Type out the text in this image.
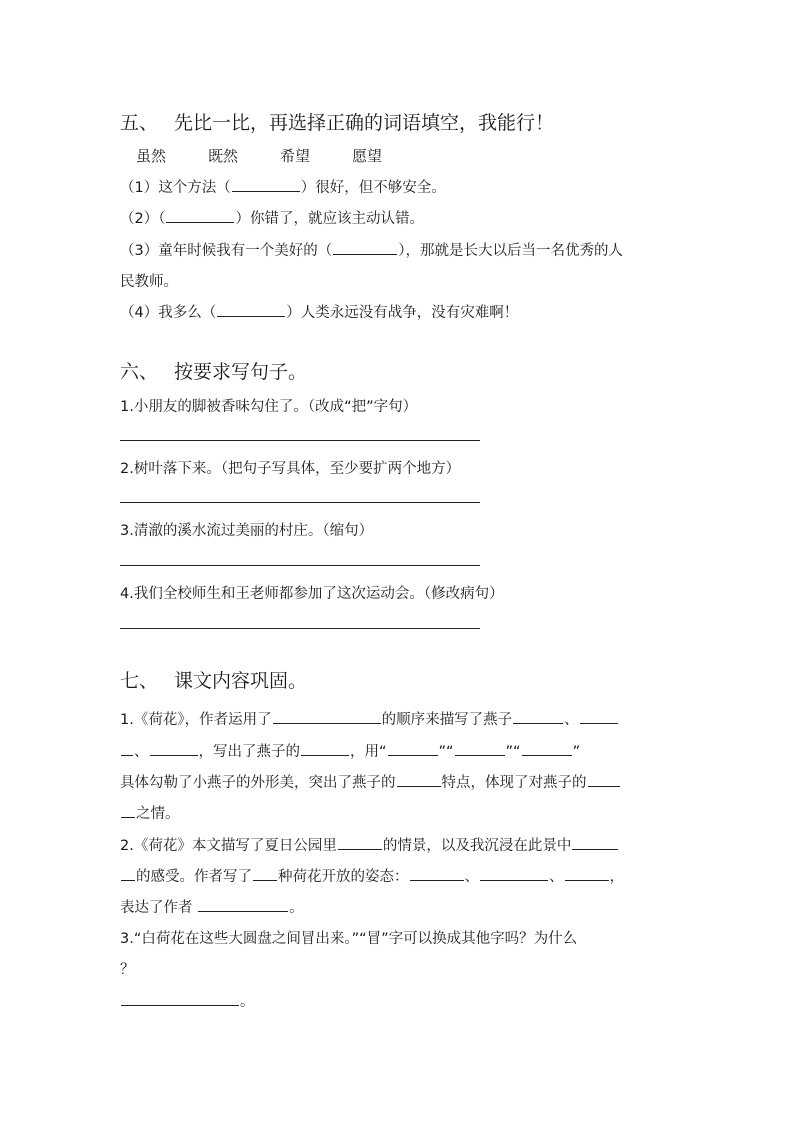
五、 先比一比，再选择正确的词语填空，我能行！
虽然	既然	希望	愿望
（1）这个方法（	）很好，但不够安全。
（2）（	）你错了，就应该主动认错。
（3）童年时候我有一个美好的（	），那就是长大以后当一名优秀的人
民教师。
（4）我多么（	）人类永远没有战争，没有灾难啊！
六、 按要求写句子。
1.小朋友的脚被香味勾住了。（改成“把”字句）
2.树叶落下来。（把句子写具体，至少要扩两个地方）
3.清澈的溪水流过美丽的村庄。（缩句）
4.我们全校师生和王老师都参加了这次运动会。（修改病句）
七、 课文内容巩固。
1.《荷花》，作者运用了	的顺序来描写了燕子	、
、	，写出了燕子的	，用“	”“	”“	”
具体勾勒了小燕子的外形美，突出了燕子的	特点，体现了对燕子的
之情。
2.《荷花》本文描写了夏日公园里	的情景，以及我沉浸在此景中
的感受。作者写了 种荷花开放的姿态：	、	、	，
表达了作者	。
3.“白荷花在这些大圆盘之间冒出来。”“冒”字可以换成其他字吗？为什么
？
。
